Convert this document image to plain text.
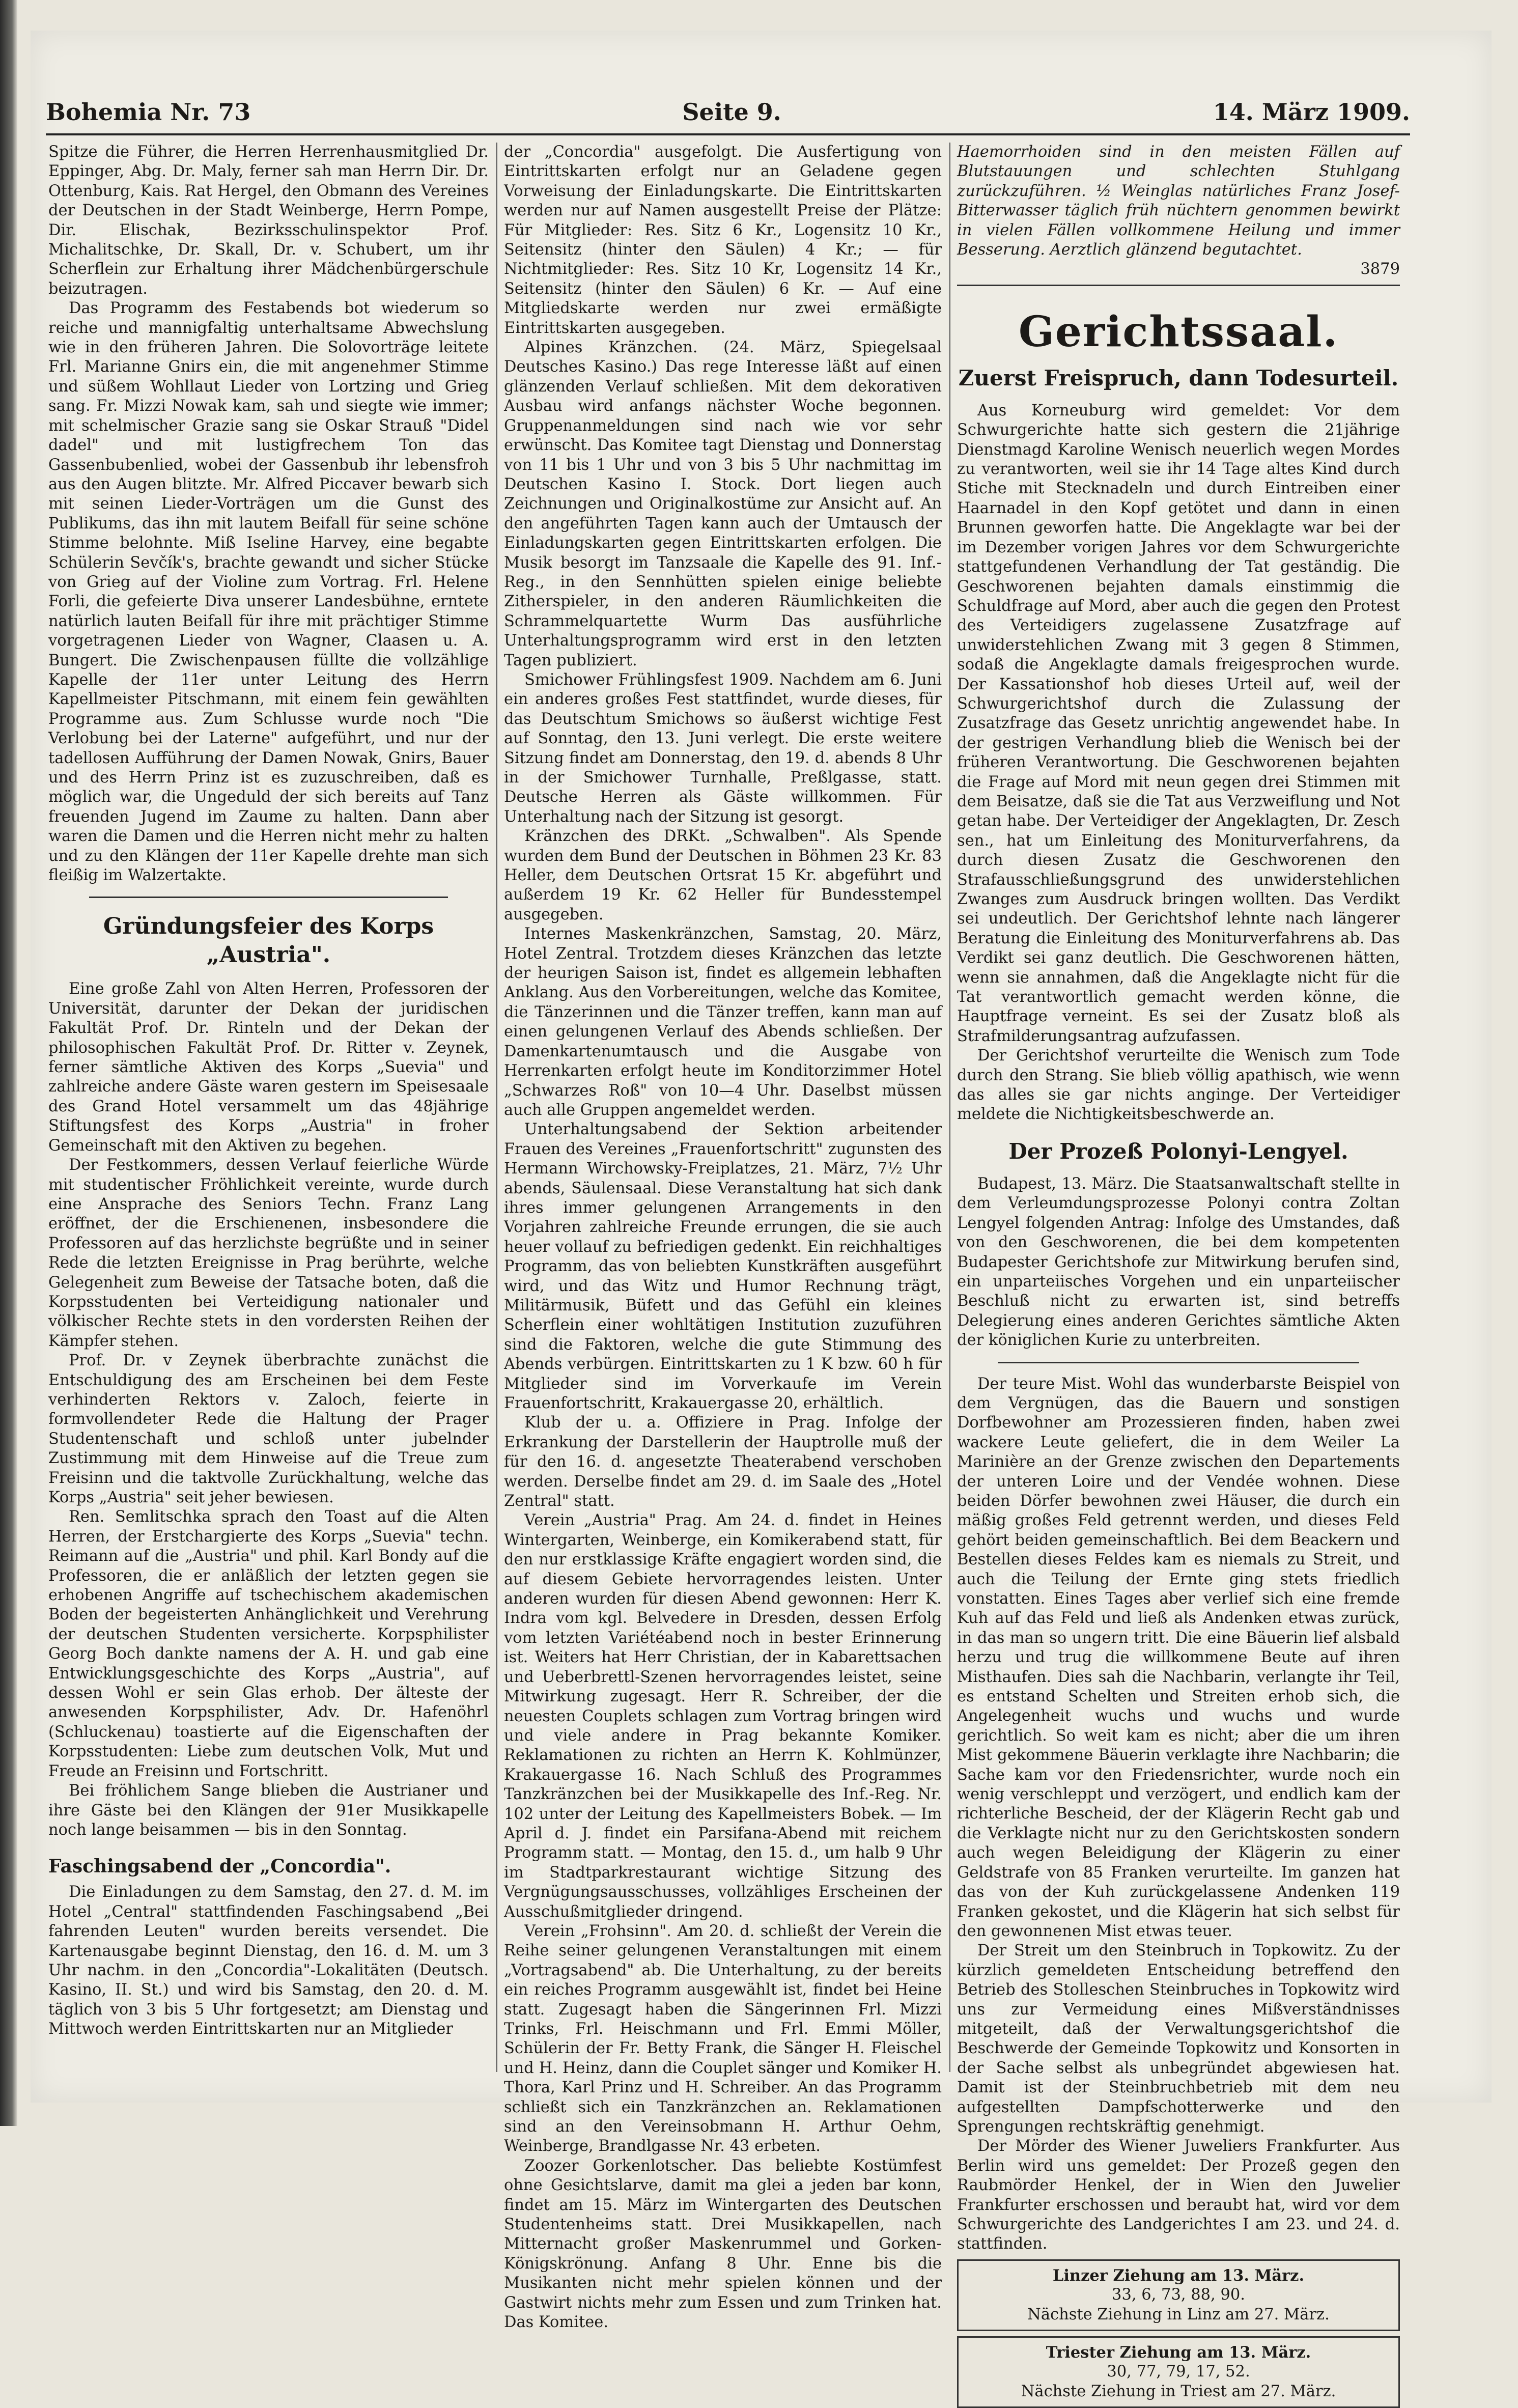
Bohemia Nr. 73	Seite 9.	14. März 1909.

Spitze die Führer, die Herren Herrenhausmitglied Dr. Eppinger, Abg. Dr. Maly, ferner sah man Herrn Dir. Dr. Ottenburg, Kais. Rat Hergel, den Obmann des Vereines der Deutschen in der Stadt Weinberge, Herrn Pompe, Dir. Elischak, Bezirksschulinspektor Prof. Michalitschke, Dr. Skall, Dr. v. Schubert, um ihr Scherflein zur Erhaltung ihrer Mädchenbürgerschule beizutragen.

Das Programm des Festabends bot wiederum so reiche und mannigfaltig unterhaltsame Abwechslung wie in den früheren Jahren. Die Solovorträge leitete Frl. Marianne Gnirs ein, die mit angenehmer Stimme und süßem Wohllaut Lieder von Lortzing und Grieg sang. Fr. Mizzi Nowak kam, sah und siegte wie immer; mit schelmischer Grazie sang sie Oskar Strauß "Didel dadel" und mit lustigfrechem Ton das Gassenbubenlied, wobei der Gassenbub ihr lebensfroh aus den Augen blitzte. Mr. Alfred Piccaver bewarb sich mit seinen Lieder-Vorträgen um die Gunst des Publikums, das ihn mit lautem Beifall für seine schöne Stimme belohnte. Miß Iseline Harvey, eine begabte Schülerin Sevčík's, brachte gewandt und sicher Stücke von Grieg auf der Violine zum Vortrag. Frl. Helene Forli, die gefeierte Diva unserer Landesbühne, erntete natürlich lauten Beifall für ihre mit prächtiger Stimme vorgetragenen Lieder von Wagner, Claasen u. A. Bungert. Die Zwischenpausen füllte die vollzählige Kapelle der 11er unter Leitung des Herrn Kapellmeister Pitschmann, mit einem fein gewählten Programme aus. Zum Schlusse wurde noch "Die Verlobung bei der Laterne" aufgeführt, und nur der tadellosen Aufführung der Damen Nowak, Gnirs, Bauer und des Herrn Prinz ist es zuzuschreiben, daß es möglich war, die Ungeduld der sich bereits auf Tanz freuenden Jugend im Zaume zu halten. Dann aber waren die Damen und die Herren nicht mehr zu halten und zu den Klängen der 11er Kapelle drehte man sich fleißig im Walzertakte.

Gründungsfeier des Korps „Austria".

Eine große Zahl von Alten Herren, Professoren der Universität, darunter der Dekan der juridischen Fakultät Prof. Dr. Rinteln und der Dekan der philosophischen Fakultät Prof. Dr. Ritter v. Zeynek, ferner sämtliche Aktiven des Korps „Suevia" und zahlreiche andere Gäste waren gestern im Speisesaale des Grand Hotel versammelt um das 48jährige Stiftungsfest des Korps „Austria" in froher Gemeinschaft mit den Aktiven zu begehen.

Der Festkommers, dessen Verlauf feierliche Würde mit studentischer Fröhlichkeit vereinte, wurde durch eine Ansprache des Seniors Techn. Franz Lang eröffnet, der die Erschienenen, insbesondere die Professoren auf das herzlichste begrüßte und in seiner Rede die letzten Ereignisse in Prag berührte, welche Gelegenheit zum Beweise der Tatsache boten, daß die Korpsstudenten bei Verteidigung nationaler und völkischer Rechte stets in den vordersten Reihen der Kämpfer stehen.

Prof. Dr. v Zeynek überbrachte zunächst die Entschuldigung des am Erscheinen bei dem Feste verhinderten Rektors v. Zaloch, feierte in formvollendeter Rede die Haltung der Prager Studentenschaft und schloß unter jubelnder Zustimmung mit dem Hinweise auf die Treue zum Freisinn und die taktvolle Zurückhaltung, welche das Korps „Austria" seit jeher bewiesen.

Ren. Semlitschka sprach den Toast auf die Alten Herren, der Erstchargierte des Korps „Suevia" techn. Reimann auf die „Austria" und phil. Karl Bondy auf die Professoren, die er anläßlich der letzten gegen sie erhobenen Angriffe auf tschechischem akademischen Boden der begeisterten Anhänglichkeit und Verehrung der deutschen Studenten versicherte. Korpsphilister Georg Boch dankte namens der A. H. und gab eine Entwicklungsgeschichte des Korps „Austria", auf dessen Wohl er sein Glas erhob. Der älteste der anwesenden Korpsphilister, Adv. Dr. Hafenöhrl (Schluckenau) toastierte auf die Eigenschaften der Korpsstudenten: Liebe zum deutschen Volk, Mut und Freude an Freisinn und Fortschritt.

Bei fröhlichem Sange blieben die Austrianer und ihre Gäste bei den Klängen der 91er Musikkapelle noch lange beisammen — bis in den Sonntag.

Faschingsabend der „Concordia".

Die Einladungen zu dem Samstag, den 27. d. M. im Hotel „Central" stattfindenden Faschingsabend „Bei fahrenden Leuten" wurden bereits versendet. Die Kartenausgabe beginnt Dienstag, den 16. d. M. um 3 Uhr nachm. in den „Concordia"-Lokalitäten (Deutsch. Kasino, II. St.) und wird bis Samstag, den 20. d. M. täglich von 3 bis 5 Uhr fortgesetzt; am Dienstag und Mittwoch werden Eintrittskarten nur an Mitglieder

der „Concordia" ausgefolgt. Die Ausfertigung von Eintrittskarten erfolgt nur an Geladene gegen Vorweisung der Einladungskarte. Die Eintrittskarten werden nur auf Namen ausgestellt Preise der Plätze: Für Mitglieder: Res. Sitz 6 Kr., Logensitz 10 Kr., Seitensitz (hinter den Säulen) 4 Kr.; — für Nichtmitglieder: Res. Sitz 10 Kr, Logensitz 14 Kr., Seitensitz (hinter den Säulen) 6 Kr. — Auf eine Mitgliedskarte werden nur zwei ermäßigte Eintrittskarten ausgegeben.

Alpines Kränzchen. (24. März, Spiegelsaal Deutsches Kasino.) Das rege Interesse läßt auf einen glänzenden Verlauf schließen. Mit dem dekorativen Ausbau wird anfangs nächster Woche begonnen. Gruppenanmeldungen sind nach wie vor sehr erwünscht. Das Komitee tagt Dienstag und Donnerstag von 11 bis 1 Uhr und von 3 bis 5 Uhr nachmittag im Deutschen Kasino I. Stock. Dort liegen auch Zeichnungen und Originalkostüme zur Ansicht auf. An den angeführten Tagen kann auch der Umtausch der Einladungskarten gegen Eintrittskarten erfolgen. Die Musik besorgt im Tanzsaale die Kapelle des 91. Inf.-Reg., in den Sennhütten spielen einige beliebte Zitherspieler, in den anderen Räumlichkeiten die Schrammelquartette Wurm Das ausführliche Unterhaltungsprogramm wird erst in den letzten Tagen publiziert.

Smichower Frühlingsfest 1909. Nachdem am 6. Juni ein anderes großes Fest stattfindet, wurde dieses, für das Deutschtum Smichows so äußerst wichtige Fest auf Sonntag, den 13. Juni verlegt. Die erste weitere Sitzung findet am Donnerstag, den 19. d. abends 8 Uhr in der Smichower Turnhalle, Preßlgasse, statt. Deutsche Herren als Gäste willkommen. Für Unterhaltung nach der Sitzung ist gesorgt.

Kränzchen des DRKt. „Schwalben". Als Spende wurden dem Bund der Deutschen in Böhmen 23 Kr. 83 Heller, dem Deutschen Ortsrat 15 Kr. abgeführt und außerdem 19 Kr. 62 Heller für Bundesstempel ausgegeben.

Internes Maskenkränzchen, Samstag, 20. März, Hotel Zentral. Trotzdem dieses Kränzchen das letzte der heurigen Saison ist, findet es allgemein lebhaften Anklang. Aus den Vorbereitungen, welche das Komitee, die Tänzerinnen und die Tänzer treffen, kann man auf einen gelungenen Verlauf des Abends schließen. Der Damenkartenumtausch und die Ausgabe von Herrenkarten erfolgt heute im Konditorzimmer Hotel „Schwarzes Roß" von 10—4 Uhr. Daselbst müssen auch alle Gruppen angemeldet werden.

Unterhaltungsabend der Sektion arbeitender Frauen des Vereines „Frauenfortschritt" zugunsten des Hermann Wirchowsky-Freiplatzes, 21. März, 7½ Uhr abends, Säulensaal. Diese Veranstaltung hat sich dank ihres immer gelungenen Arrangements in den Vorjahren zahlreiche Freunde errungen, die sie auch heuer vollauf zu befriedigen gedenkt. Ein reichhaltiges Programm, das von beliebten Kunstkräften ausgeführt wird, und das Witz und Humor Rechnung trägt, Militärmusik, Büfett und das Gefühl ein kleines Scherflein einer wohltätigen Institution zuzuführen sind die Faktoren, welche die gute Stimmung des Abends verbürgen. Eintrittskarten zu 1 K bzw. 60 h für Mitglieder sind im Vorverkaufe im Verein Frauenfortschritt, Krakauergasse 20, erhältlich.

Klub der u. a. Offiziere in Prag. Infolge der Erkrankung der Darstellerin der Hauptrolle muß der für den 16. d. angesetzte Theaterabend verschoben werden. Derselbe findet am 29. d. im Saale des „Hotel Zentral" statt.

Verein „Austria" Prag. Am 24. d. findet in Heines Wintergarten, Weinberge, ein Komikerabend statt, für den nur erstklassige Kräfte engagiert worden sind, die auf diesem Gebiete hervorragendes leisten. Unter anderen wurden für diesen Abend gewonnen: Herr K. Indra vom kgl. Belvedere in Dresden, dessen Erfolg vom letzten Variétéabend noch in bester Erinnerung ist. Weiters hat Herr Christian, der in Kabarettsachen und Ueberbrettl-Szenen hervorragendes leistet, seine Mitwirkung zugesagt. Herr R. Schreiber, der die neuesten Couplets schlagen zum Vortrag bringen wird und viele andere in Prag bekannte Komiker. Reklamationen zu richten an Herrn K. Kohlmünzer, Krakauergasse 16. Nach Schluß des Programmes Tanzkränzchen bei der Musikkapelle des Inf.-Reg. Nr. 102 unter der Leitung des Kapellmeisters Bobek. — Im April d. J. findet ein Parsifana-Abend mit reichem Programm statt. — Montag, den 15. d., um halb 9 Uhr im Stadtparkrestaurant wichtige Sitzung des Vergnügungsausschusses, vollzähliges Erscheinen der Ausschußmitglieder dringend.

Verein „Frohsinn". Am 20. d. schließt der Verein die Reihe seiner gelungenen Veranstaltungen mit einem „Vortragsabend" ab. Die Unterhaltung, zu der bereits ein reiches Programm ausgewählt ist, findet bei Heine statt. Zugesagt haben die Sängerinnen Frl. Mizzi Trinks, Frl. Heischmann und Frl. Emmi Möller, Schülerin der Fr. Betty Frank, die Sänger H. Fleischel und H. Heinz, dann die Couplet sänger und Komiker H. Thora, Karl Prinz und H. Schreiber. An das Programm schließt sich ein Tanzkränzchen an. Reklamationen sind an den Vereinsobmann H. Arthur Oehm, Weinberge, Brandlgasse Nr. 43 erbeten.

Zoozer Gorkenlotscher. Das beliebte Kostümfest ohne Gesichtslarve, damit ma glei a jeden bar konn, findet am 15. März im Wintergarten des Deutschen Studentenheims statt. Drei Musikkapellen, nach Mitternacht großer Maskenrummel und Gorken-Königskrönung. Anfang 8 Uhr. Enne bis die Musikanten nicht mehr spielen können und der Gastwirt nichts mehr zum Essen und zum Trinken hat. Das Komitee.

Haemorrhoiden sind in den meisten Fällen auf Blutstauungen und schlechten Stuhlgang zurückzuführen. ½ Weinglas natürliches Franz Josef-Bitterwasser täglich früh nüchtern genommen bewirkt in vielen Fällen vollkommene Heilung und immer Besserung. Aerztlich glänzend begutachtet.

3879

Gerichtssaal.
Zuerst Freispruch, dann Todesurteil.

Aus Korneuburg wird gemeldet: Vor dem Schwurgerichte hatte sich gestern die 21jährige Dienstmagd Karoline Wenisch neuerlich wegen Mordes zu verantworten, weil sie ihr 14 Tage altes Kind durch Stiche mit Stecknadeln und durch Eintreiben einer Haarnadel in den Kopf getötet und dann in einen Brunnen geworfen hatte. Die Angeklagte war bei der im Dezember vorigen Jahres vor dem Schwurgerichte stattgefundenen Verhandlung der Tat geständig. Die Geschworenen bejahten damals einstimmig die Schuldfrage auf Mord, aber auch die gegen den Protest des Verteidigers zugelassene Zusatzfrage auf unwiderstehlichen Zwang mit 3 gegen 8 Stimmen, sodaß die Angeklagte damals freigesprochen wurde. Der Kassationshof hob dieses Urteil auf, weil der Schwurgerichtshof durch die Zulassung der Zusatzfrage das Gesetz unrichtig angewendet habe. In der gestrigen Verhandlung blieb die Wenisch bei der früheren Verantwortung. Die Geschworenen bejahten die Frage auf Mord mit neun gegen drei Stimmen mit dem Beisatze, daß sie die Tat aus Verzweiflung und Not getan habe. Der Verteidiger der Angeklagten, Dr. Zesch sen., hat um Einleitung des Moniturverfahrens, da durch diesen Zusatz die Geschworenen den Strafausschließungsgrund des unwiderstehlichen Zwanges zum Ausdruck bringen wollten. Das Verdikt sei undeutlich. Der Gerichtshof lehnte nach längerer Beratung die Einleitung des Moniturverfahrens ab. Das Verdikt sei ganz deutlich. Die Geschworenen hätten, wenn sie annahmen, daß die Angeklagte nicht für die Tat verantwortlich gemacht werden könne, die Hauptfrage verneint. Es sei der Zusatz bloß als Strafmilderungsantrag aufzufassen.

Der Gerichtshof verurteilte die Wenisch zum Tode durch den Strang. Sie blieb völlig apathisch, wie wenn das alles sie gar nichts anginge. Der Verteidiger meldete die Nichtigkeitsbeschwerde an.

Der Prozeß Polonyi-Lengyel.

Budapest, 13. März. Die Staatsanwaltschaft stellte in dem Verleumdungsprozesse Polonyi contra Zoltan Lengyel folgenden Antrag: Infolge des Umstandes, daß von den Geschworenen, die bei dem kompetenten Budapester Gerichtshofe zur Mitwirkung berufen sind, ein unparteiisches Vorgehen und ein unparteiischer Beschluß nicht zu erwarten ist, sind betreffs Delegierung eines anderen Gerichtes sämtliche Akten der königlichen Kurie zu unterbreiten.

Der teure Mist. Wohl das wunderbarste Beispiel von dem Vergnügen, das die Bauern und sonstigen Dorfbewohner am Prozessieren finden, haben zwei wackere Leute geliefert, die in dem Weiler La Marinière an der Grenze zwischen den Departements der unteren Loire und der Vendée wohnen. Diese beiden Dörfer bewohnen zwei Häuser, die durch ein mäßig großes Feld getrennt werden, und dieses Feld gehört beiden gemeinschaftlich. Bei dem Beackern und Bestellen dieses Feldes kam es niemals zu Streit, und auch die Teilung der Ernte ging stets friedlich vonstatten. Eines Tages aber verlief sich eine fremde Kuh auf das Feld und ließ als Andenken etwas zurück, in das man so ungern tritt. Die eine Bäuerin lief alsbald herzu und trug die willkommene Beute auf ihren Misthaufen. Dies sah die Nachbarin, verlangte ihr Teil, es entstand Schelten und Streiten erhob sich, die Angelegenheit wuchs und wuchs und wurde gerichtlich. So weit kam es nicht; aber die um ihren Mist gekommene Bäuerin verklagte ihre Nachbarin; die Sache kam vor den Friedensrichter, wurde noch ein wenig verschleppt und verzögert, und endlich kam der richterliche Bescheid, der der Klägerin Recht gab und die Verklagte nicht nur zu den Gerichtskosten sondern auch wegen Beleidigung der Klägerin zu einer Geldstrafe von 85 Franken verurteilte. Im ganzen hat das von der Kuh zurückgelassene Andenken 119 Franken gekostet, und die Klägerin hat sich selbst für den gewonnenen Mist etwas teuer.

Der Streit um den Steinbruch in Topkowitz. Zu der kürzlich gemeldeten Entscheidung betreffend den Betrieb des Stolleschen Steinbruches in Topkowitz wird uns zur Vermeidung eines Mißverständnisses mitgeteilt, daß der Verwaltungsgerichtshof die Beschwerde der Gemeinde Topkowitz und Konsorten in der Sache selbst als unbegründet abgewiesen hat. Damit ist der Steinbruchbetrieb mit dem neu aufgestellten Dampfschotterwerke und den Sprengungen rechtskräftig genehmigt.

Der Mörder des Wiener Juweliers Frankfurter. Aus Berlin wird uns gemeldet: Der Prozeß gegen den Raubmörder Henkel, der in Wien den Juwelier Frankfurter erschossen und beraubt hat, wird vor dem Schwurgerichte des Landgerichtes I am 23. und 24. d. stattfinden.

Linzer Ziehung am 13. März.

33, 6, 73, 88, 90.

Nächste Ziehung in Linz am 27. März.

Triester Ziehung am 13. März.

30, 77, 79, 17, 52.

Nächste Ziehung in Triest am 27. März.
